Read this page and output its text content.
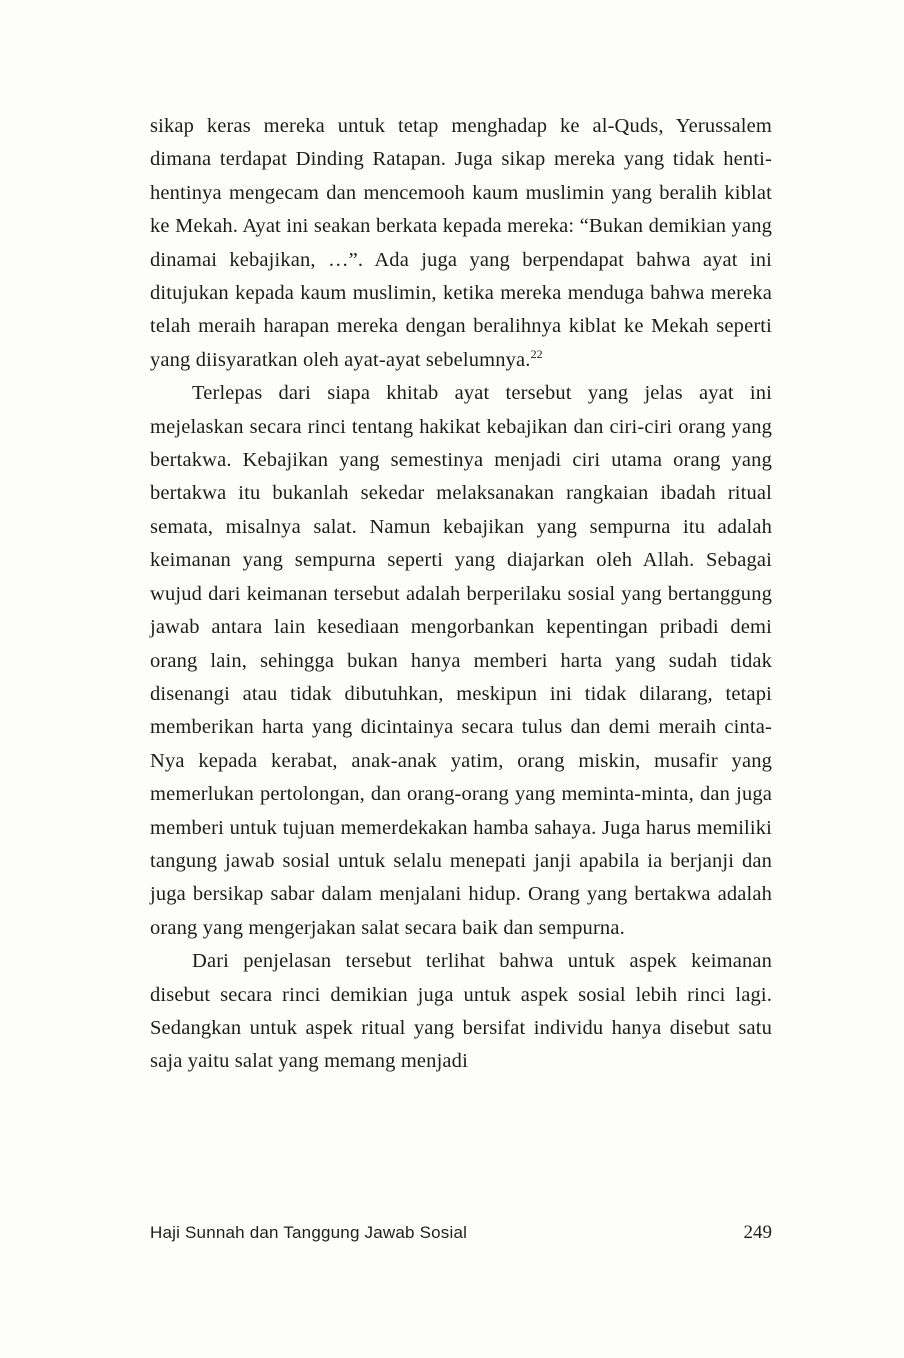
sikap keras mereka untuk tetap menghadap ke al-Quds, Yerussalem dimana terdapat Dinding Ratapan. Juga sikap mereka yang tidak henti-hentinya mengecam dan mencemooh kaum muslimin yang beralih kiblat ke Mekah. Ayat ini seakan berkata kepada mereka: “Bukan demikian yang dinamai kebajikan, …”. Ada juga yang berpendapat bahwa ayat ini ditujukan kepada kaum muslimin, ketika mereka menduga bahwa mereka telah meraih harapan mereka dengan beralihnya kiblat ke Mekah seperti yang diisyaratkan oleh ayat-ayat sebelumnya.$^{22}$

Terlepas dari siapa khitab ayat tersebut yang jelas ayat ini mejelaskan secara rinci tentang hakikat kebajikan dan ciri-ciri orang yang bertakwa. Kebajikan yang semestinya menjadi ciri utama orang yang bertakwa itu bukanlah sekedar melaksanakan rangkaian ibadah ritual semata, misalnya salat. Namun kebajikan yang sempurna itu adalah keimanan yang sempurna seperti yang diajarkan oleh Allah. Sebagai wujud dari keimanan tersebut adalah berperilaku sosial yang bertanggung jawab antara lain kesediaan mengorbankan kepentingan pribadi demi orang lain, sehingga bukan hanya memberi harta yang sudah tidak disenangi atau tidak dibutuhkan, meskipun ini tidak dilarang, tetapi memberikan harta yang dicintainya secara tulus dan demi meraih cinta-Nya kepada kerabat, anak-anak yatim, orang miskin, musafir yang memerlukan pertolongan, dan orang-orang yang meminta-minta, dan juga memberi untuk tujuan memerdekakan hamba sahaya. Juga harus memiliki tangung jawab sosial untuk selalu menepati janji apabila ia berjanji dan juga bersikap sabar dalam menjalani hidup. Orang yang bertakwa adalah orang yang mengerjakan salat secara baik dan sempurna.

Dari penjelasan tersebut terlihat bahwa untuk aspek keimanan disebut secara rinci demikian juga untuk aspek sosial lebih rinci lagi. Sedangkan untuk aspek ritual yang bersifat individu hanya disebut satu saja yaitu salat yang memang menjadi

Haji Sunnah dan Tanggung Jawab Sosial	249
